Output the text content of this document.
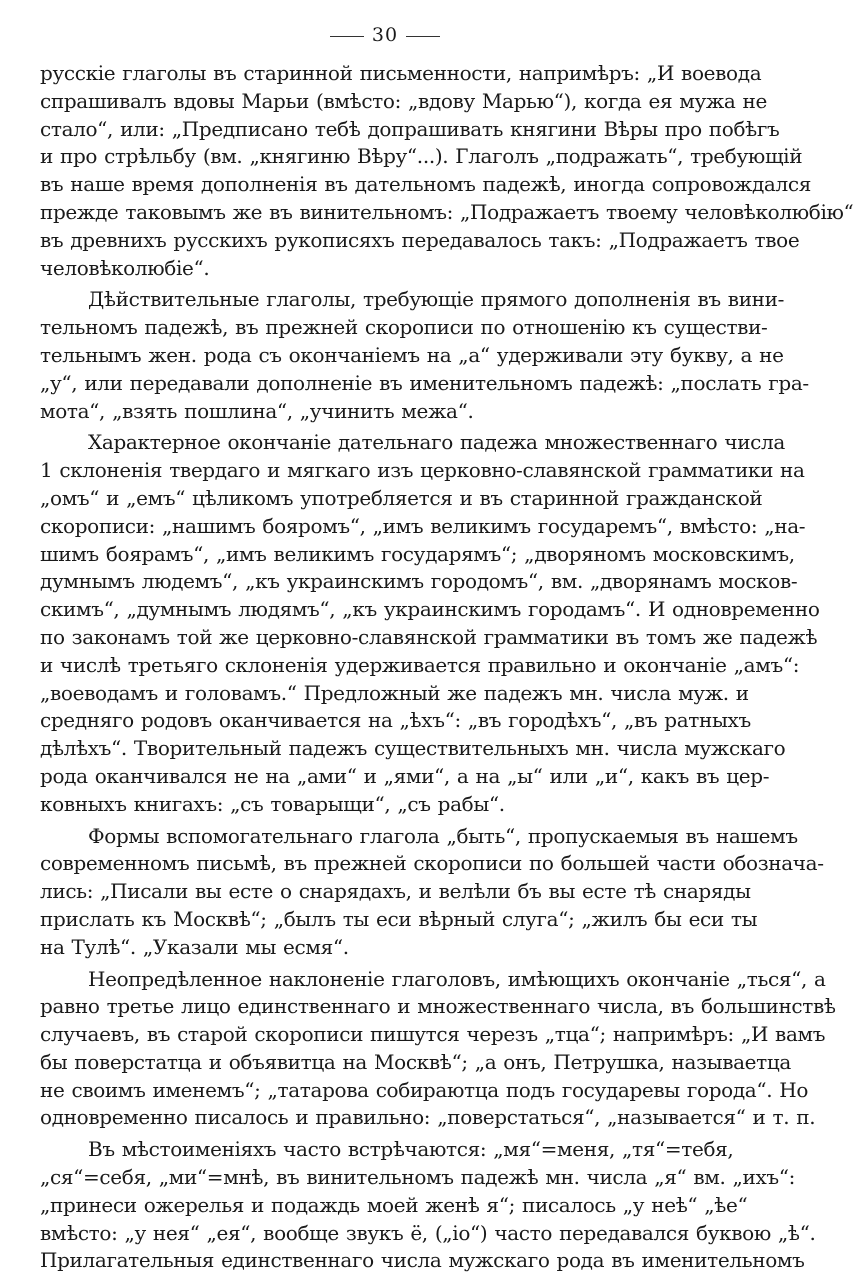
30
русскіе глаголы въ старинной письменности, напримѣръ: „И воевода
спрашивалъ вдовы Марьи (вмѣсто: „вдову Марью“), когда ея мужа не
стало“, или: „Предписано тебѣ допрашивать княгини Вѣры про побѣгъ
и про стрѣльбу (вм. „княгиню Вѣру“...). Глаголъ „подражать“, требующій
въ наше время дополненія въ дательномъ падежѣ, иногда сопровождался
прежде таковымъ же въ винительномъ: „Подражаетъ твоему человѣколюбію“
въ древнихъ русскихъ рукописяхъ передавалось такъ: „Подражаетъ твое
человѣколюбіе“.
Дѣйствительные глаголы, требующіе прямого дополненія въ вини-
тельномъ падежѣ, въ прежней скорописи по отношенію къ существи-
тельнымъ жен. рода съ окончаніемъ на „а“ удерживали эту букву, а не
„у“, или передавали дополненіе въ именительномъ падежѣ: „послать гра-
мота“, „взять пошлина“, „учинить межа“.
Характерное окончаніе дательнаго падежа множественнаго числа
1 склоненія твердаго и мягкаго изъ церковно-славянской грамматики на
„омъ“ и „емъ“ цѣликомъ употребляется и въ старинной гражданской
скорописи: „нашимъ бояромъ“, „имъ великимъ государемъ“, вмѣсто: „на-
шимъ боярамъ“, „имъ великимъ государямъ“; „дворяномъ московскимъ,
думнымъ людемъ“, „къ украинскимъ городомъ“, вм. „дворянамъ москов-
скимъ“, „думнымъ людямъ“, „къ украинскимъ городамъ“. И одновременно
по законамъ той же церковно-славянской грамматики въ томъ же падежѣ
и числѣ третьяго склоненія удерживается правильно и окончаніе „амъ“:
„воеводамъ и головамъ.“ Предложный же падежъ мн. числа муж. и
средняго родовъ оканчивается на „ѣхъ“: „въ городѣхъ“, „въ ратныхъ
дѣлѣхъ“. Творительный падежъ существительныхъ мн. числа мужскаго
рода оканчивался не на „ами“ и „ями“, а на „ы“ или „и“, какъ въ цер-
ковныхъ книгахъ: „съ товарыщи“, „съ рабы“.
Формы вспомогательнаго глагола „быть“, пропускаемыя въ нашемъ
современномъ письмѣ, въ прежней скорописи по большей части обознача-
лись: „Писали вы есте о снарядахъ, и велѣли бъ вы есте тѣ снаряды
прислать къ Москвѣ“; „былъ ты еси вѣрный слуга“; „жилъ бы еси ты
на Тулѣ“. „Указали мы есмя“.
Неопредѣленное наклоненіе глаголовъ, имѣющихъ окончаніе „ться“, а
равно третье лицо единственнаго и множественнаго числа, въ большинствѣ
случаевъ, въ старой скорописи пишутся черезъ „тца“; напримѣръ: „И вамъ
бы поверстатца и объявитца на Москвѣ“; „а онъ, Петрушка, называетца
не своимъ именемъ“; „татарова собираютца подъ государевы города“. Но
одновременно писалось и правильно: „поверстаться“, „называется“ и т. п.
Въ мѣстоименіяхъ часто встрѣчаются: „мя“=меня, „тя“=тебя,
„ся“=себя, „ми“=мнѣ, въ винительномъ падежѣ мн. числа „я“ вм. „ихъ“:
„принеси ожерелья и подаждь моей женѣ я“; писалось „у неѣ“ „ѣе“
вмѣсто: „у нея“ „ея“, вообще звукъ ё, („іо“) часто передавался буквою „ѣ“.
Прилагательныя единственнаго числа мужскаго рода въ именительномъ
